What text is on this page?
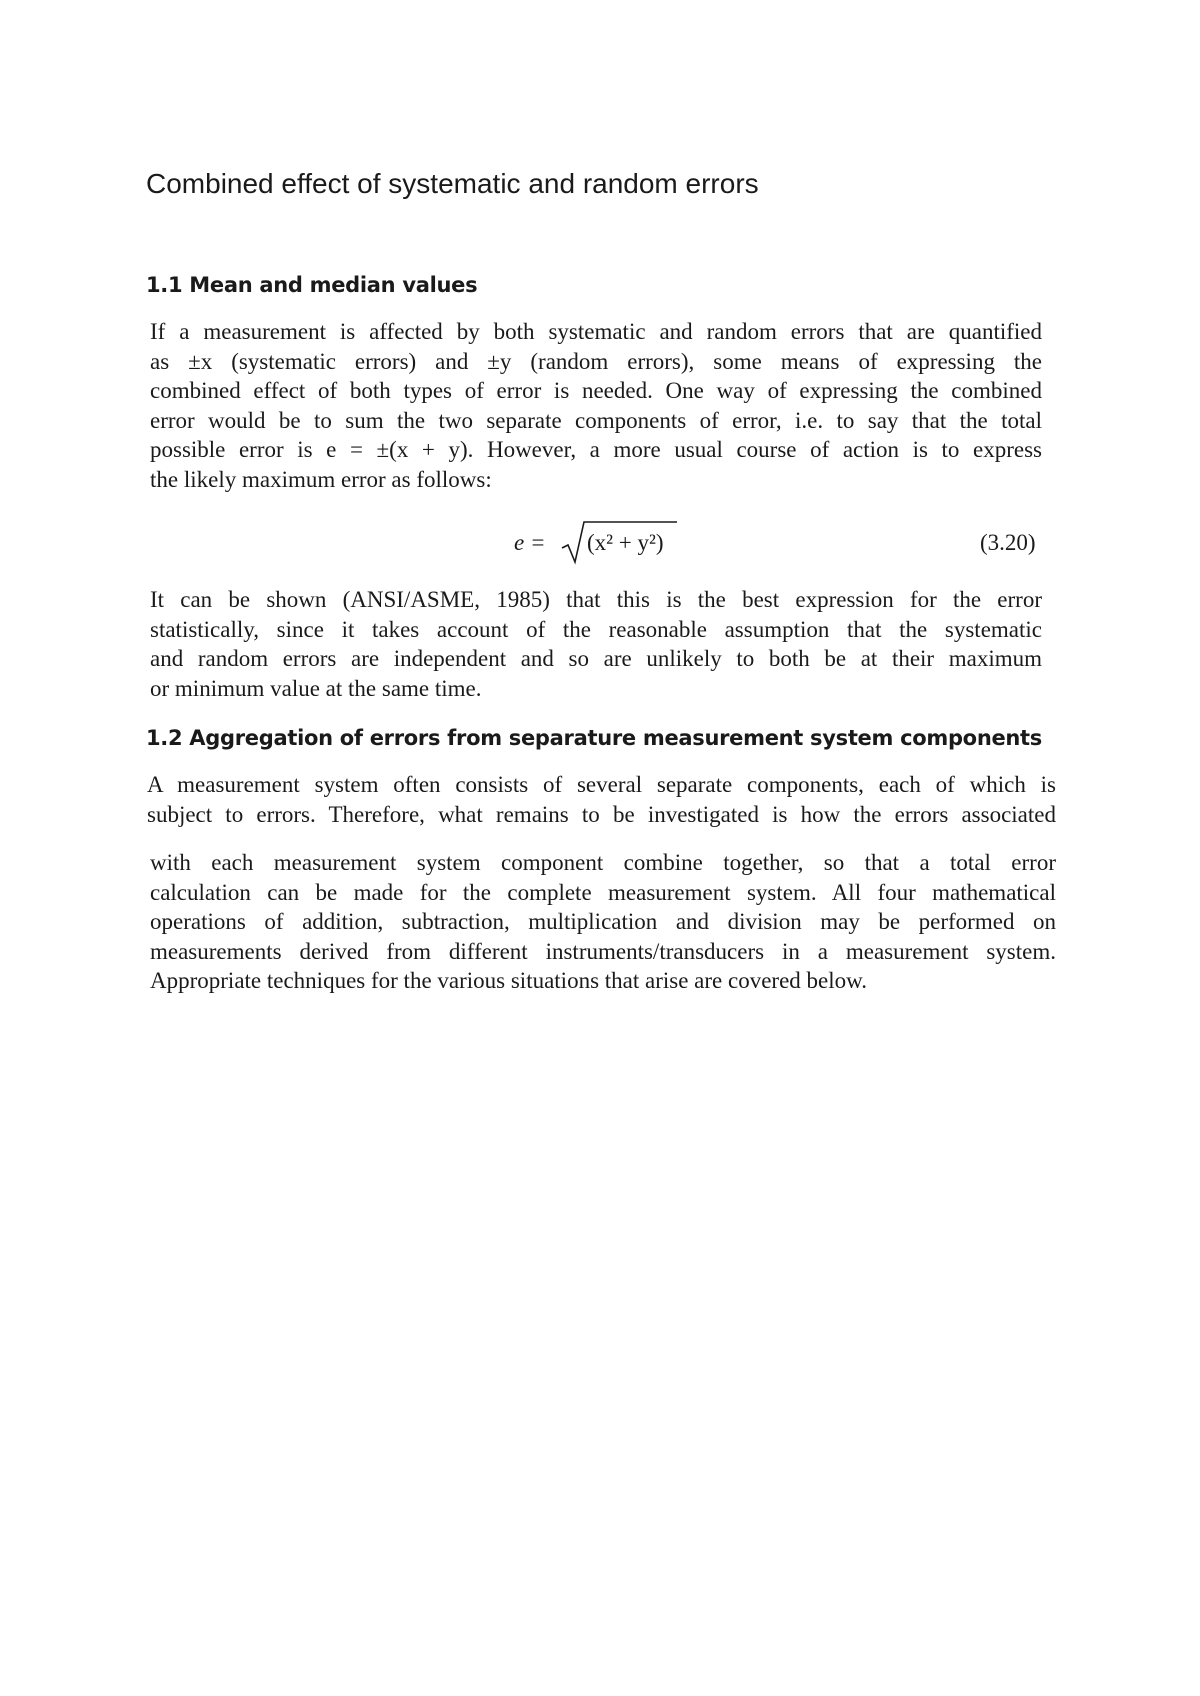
Combined effect of systematic and random errors
1.1 Mean and median values
If a measurement is affected by both systematic and random errors that are quantified
as ±x (systematic errors) and ±y (random errors), some means of expressing the
combined effect of both types of error is needed. One way of expressing the combined
error would be to sum the two separate components of error, i.e. to say that the total
possible error is e = ±(x + y). However, a more usual course of action is to express
the likely maximum error as follows:
e = (x² + y²)	(3.20)
It can be shown (ANSI/ASME, 1985) that this is the best expression for the error
statistically, since it takes account of the reasonable assumption that the systematic
and random errors are independent and so are unlikely to both be at their maximum
or minimum value at the same time.
1.2 Aggregation of errors from separature measurement system components
A measurement system often consists of several separate components, each of which is
subject to errors. Therefore, what remains to be investigated is how the errors associated
with each measurement system component combine together, so that a total error
calculation can be made for the complete measurement system. All four mathematical
operations of addition, subtraction, multiplication and division may be performed on
measurements derived from different instruments/transducers in a measurement system.
Appropriate techniques for the various situations that arise are covered below.
